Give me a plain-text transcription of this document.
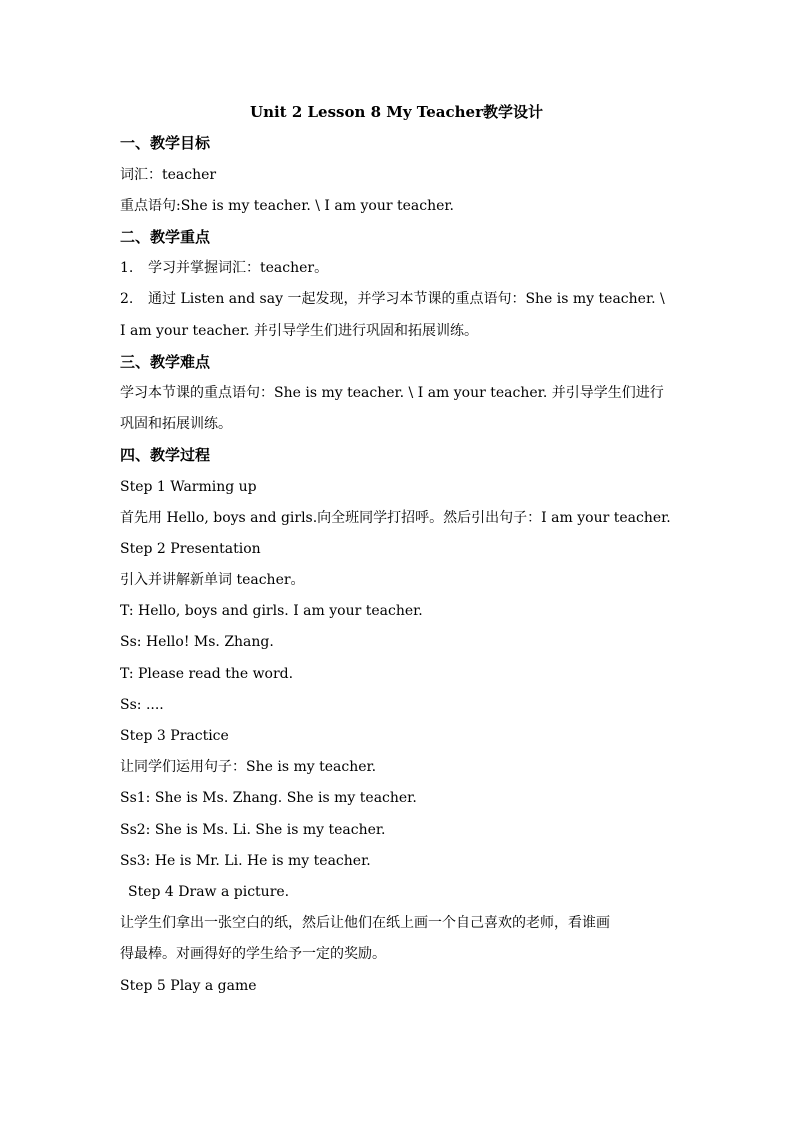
Unit 2 Lesson 8 My Teacher教学设计
一、教学目标
词汇：teacher
重点语句:She is my teacher. \ I am your teacher.
二、教学重点
1. 学习并掌握词汇：teacher。
2. 通过 Listen and say 一起发现，并学习本节课的重点语句：She is my teacher. \
I am your teacher. 并引导学生们进行巩固和拓展训练。
三、教学难点
学习本节课的重点语句：She is my teacher. \ I am your teacher. 并引导学生们进行
巩固和拓展训练。
四、教学过程
Step 1 Warming up
首先用 Hello, boys and girls.向全班同学打招呼。然后引出句子：I am your teacher.
Step 2 Presentation
引入并讲解新单词 teacher。
T: Hello, boys and girls. I am your teacher.
Ss: Hello! Ms. Zhang.
T: Please read the word.
Ss: ....
Step 3 Practice
让同学们运用句子：She is my teacher.
Ss1: She is Ms. Zhang. She is my teacher.
Ss2: She is Ms. Li. She is my teacher.
Ss3: He is Mr. Li. He is my teacher.
Step 4 Draw a picture.
让学生们拿出一张空白的纸，然后让他们在纸上画一个自己喜欢的老师，看谁画
得最棒。对画得好的学生给予一定的奖励。
Step 5 Play a game
